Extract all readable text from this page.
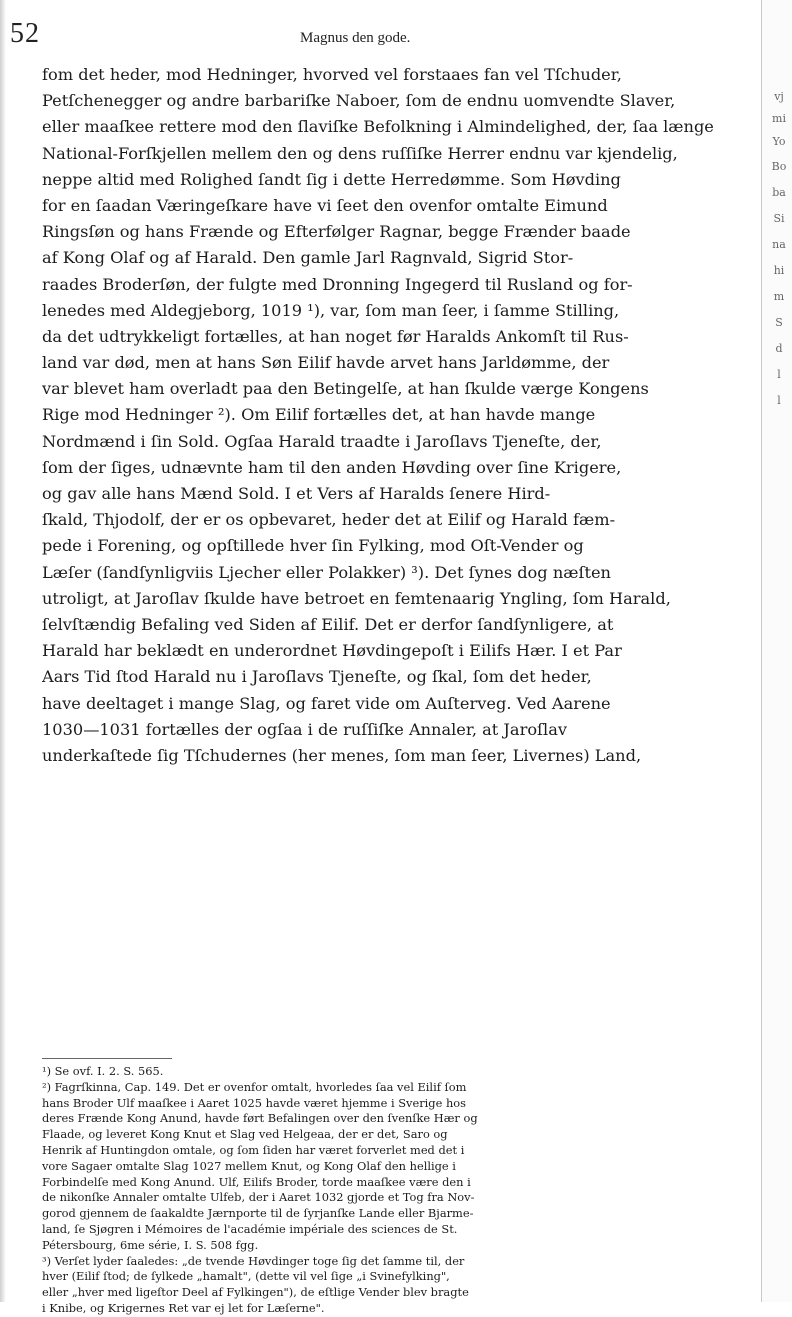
52	Magnus den gode.
fom det heder, mod Hedninger, hvorved vel forstaaes fan vel Tſchuder,
Petſchenegger og andre barbariſke Naboer, ſom de endnu uomvendte Slaver,
eller maaſkee rettere mod den ſlaviſke Befolkning i Almindelighed, der, ſaa længe
National-Forſkjellen mellem den og dens ruſſiſke Herrer endnu var kjendelig,
neppe altid med Rolighed ſandt ſig i dette Herredømme. Som Høvding
for en ſaadan Væringeſkare have vi ſeet den ovenfor omtalte Eimund
Ringsſøn og hans Frænde og Efterfølger Ragnar, begge Frænder baade
af Kong Olaf og af Harald. Den gamle Jarl Ragnvald, Sigrid Stor-
raades Broderſøn, der fulgte med Dronning Ingegerd til Rusland og for-
lenedes med Aldegjeborg, 1019 ¹), var, ſom man ſeer, i ſamme Stilling,
da det udtrykkeligt fortælles, at han noget før Haralds Ankomſt til Rus-
land var død, men at hans Søn Eilif havde arvet hans Jarldømme, der
var blevet ham overladt paa den Betingelſe, at han ſkulde værge Kongens
Rige mod Hedninger ²). Om Eilif fortælles det, at han havde mange
Nordmænd i ſin Sold. Ogſaa Harald traadte i Jaroſlavs Tjeneſte, der,
ſom der ſiges, udnævnte ham til den anden Høvding over ſine Krigere,
og gav alle hans Mænd Sold. I et Vers af Haralds ſenere Hird-
ſkald, Thjodolf, der er os opbevaret, heder det at Eilif og Harald fæm-
pede i Forening, og opſtillede hver ſin Fylking, mod Oſt-Vender og
Læſer (ſandſynligviis Ljecher eller Polakker) ³). Det ſynes dog næſten
utroligt, at Jaroſlav ſkulde have betroet en femtenaarig Yngling, ſom Harald,
ſelvſtændig Befaling ved Siden af Eilif. Det er derfor ſandſynligere, at
Harald har beklædt en underordnet Høvdingepoſt i Eilifs Hær. I et Par
Aars Tid ſtod Harald nu i Jaroſlavs Tjeneſte, og ſkal, ſom det heder,
have deeltaget i mange Slag, og faret vide om Auſterveg. Ved Aarene
1030—1031 fortælles der ogſaa i de ruſſiſke Annaler, at Jaroſlav
underkaſtede ſig Tſchudernes (her menes, ſom man ſeer, Livernes) Land,
¹) Se ovf. I. 2. S. 565.
²) Fagrſkinna, Cap. 149. Det er ovenfor omtalt, hvorledes ſaa vel Eilif ſom
hans Broder Ulf maaſkee i Aaret 1025 havde været hjemme i Sverige hos
deres Frænde Kong Anund, havde ført Befalingen over den ſvenſke Hær og
Flaade, og leveret Kong Knut et Slag ved Helgeaa, der er det, Saro og
Henrik af Huntingdon omtale, og ſom ſiden har været forverlet med det i
vore Sagaer omtalte Slag 1027 mellem Knut, og Kong Olaf den hellige i
Forbindelſe med Kong Anund. Ulf, Eilifs Broder, torde maaſkee være den i
de nikonſke Annaler omtalte Ulfeb, der i Aaret 1032 gjorde et Tog fra Nov-
gorod gjennem de ſaakaldte Jærnporte til de ſyrjanſke Lande eller Bjarme-
land, ſe Sjøgren i Mémoires de l'académie impériale des sciences de St.
Pétersbourg, 6me série, I. S. 508 fgg.
³) Verſet lyder ſaaledes: „de tvende Høvdinger toge ſig det ſamme til, der
hver (Eilif ſtod; de ſylkede „hamalt", (dette vil vel ſige „i Svinefylking",
eller „hver med ligeſtor Deel af Fylkingen"), de eſtlige Vender blev bragte
i Knibe, og Krigernes Ret var ej let for Læſerne".
vj
mi
Yo
Bo
ba
Si
na
hi
m
S
d
l
l
